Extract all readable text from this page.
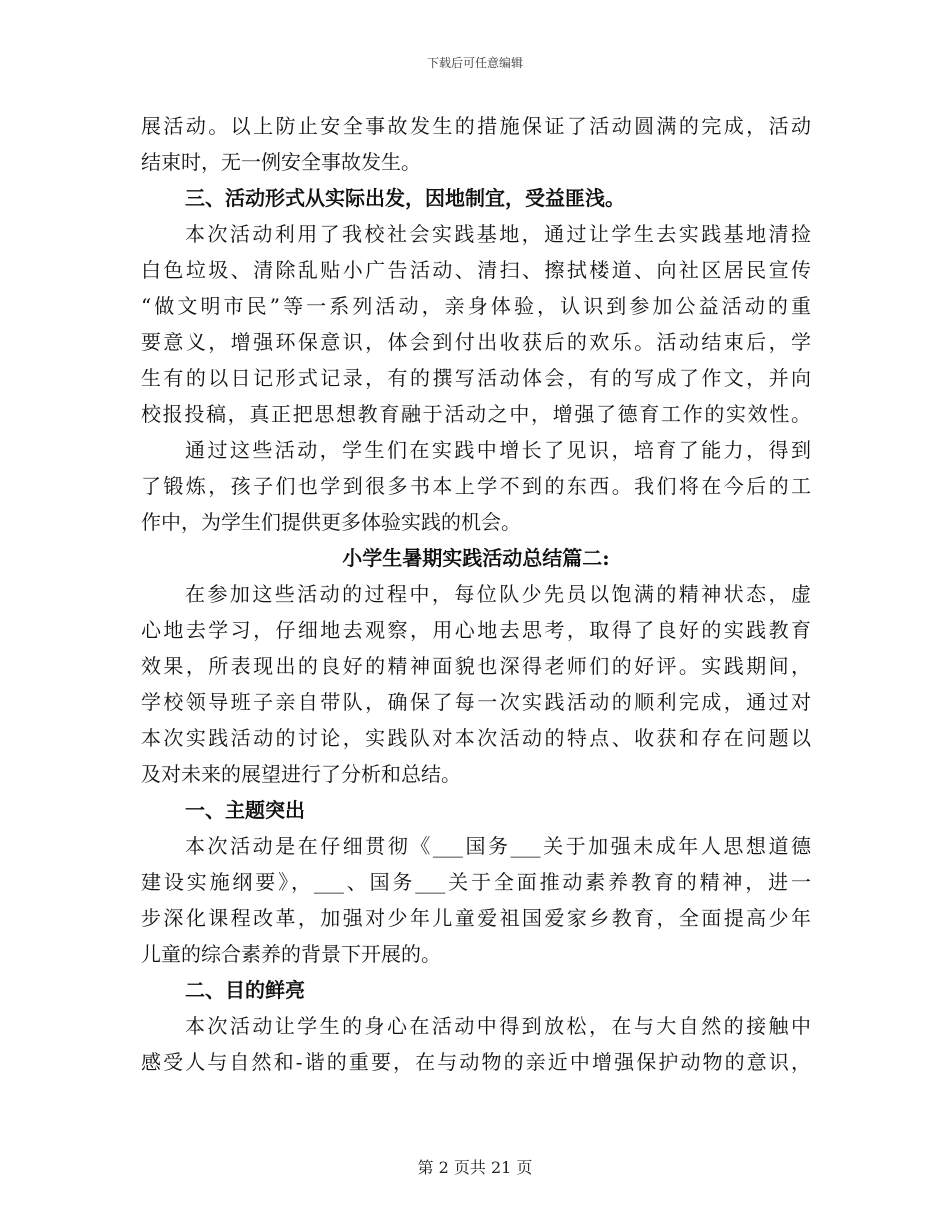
下载后可任意编辑
展活动。以上防止安全事故发生的措施保证了活动圆满的完成，活动
结束时，无一例安全事故发生。
三、活动形式从实际出发，因地制宜，受益匪浅。
本次活动利用了我校社会实践基地，通过让学生去实践基地清捡
白色垃圾、清除乱贴小广告活动、清扫、擦拭楼道、向社区居民宣传
“做文明市民”等一系列活动，亲身体验，认识到参加公益活动的重
要意义，增强环保意识，体会到付出收获后的欢乐。活动结束后，学
生有的以日记形式记录，有的撰写活动体会，有的写成了作文，并向
校报投稿，真正把思想教育融于活动之中，增强了德育工作的实效性。
通过这些活动，学生们在实践中增长了见识，培育了能力，得到
了锻炼，孩子们也学到很多书本上学不到的东西。我们将在今后的工
作中，为学生们提供更多体验实践的机会。
小学生暑期实践活动总结篇二:
在参加这些活动的过程中，每位队少先员以饱满的精神状态，虚
心地去学习，仔细地去观察，用心地去思考，取得了良好的实践教育
效果，所表现出的良好的精神面貌也深得老师们的好评。实践期间，
学校领导班子亲自带队，确保了每一次实践活动的顺利完成，通过对
本次实践活动的讨论，实践队对本次活动的特点、收获和存在问题以
及对未来的展望进行了分析和总结。
一、主题突出
本次活动是在仔细贯彻《___国务___关于加强未成年人思想道德
建设实施纲要》，___、国务___关于全面推动素养教育的精神，进一
步深化课程改革，加强对少年儿童爱祖国爱家乡教育，全面提高少年
儿童的综合素养的背景下开展的。
二、目的鲜亮
本次活动让学生的身心在活动中得到放松，在与大自然的接触中
感受人与自然和-谐的重要，在与动物的亲近中增强保护动物的意识，
第 2 页共 21 页
